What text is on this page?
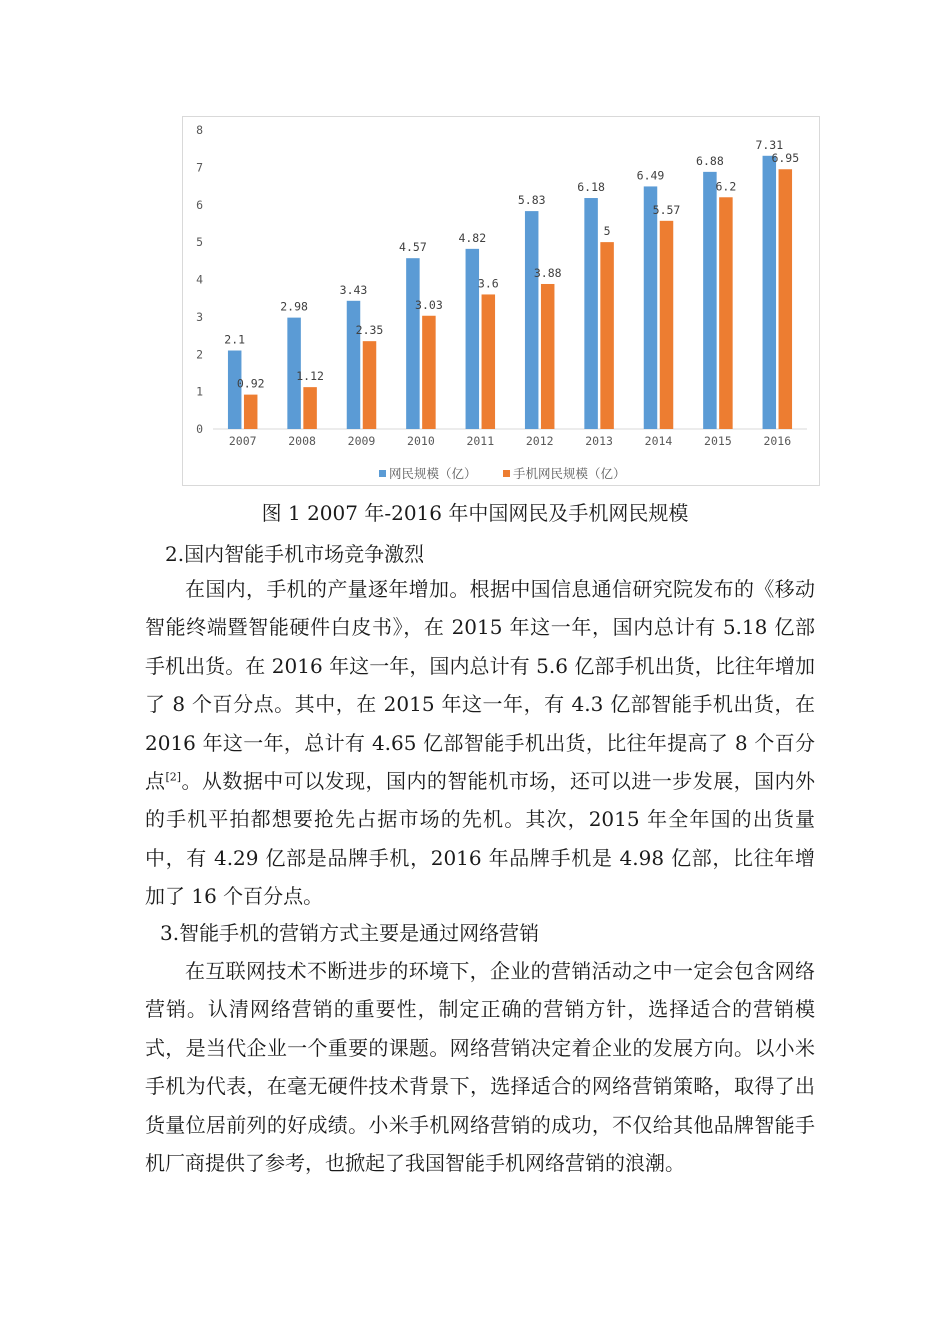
0
1
2
3
4
5
6
7
8
2007	2008	2009	2010	2011	2012	2013	2014	2015	2016
2.1
2.98
3.43
4.57
4.82
5.83
6.18
6.49
6.88
7.31
0.92
1.12
2.35
3.03
3.6
3.88
5
5.57
6.2
6.95
网民规模（亿）	手机网民规模（亿）
图 1 2007 年-2016 年中国网民及手机网民规模
2.国内智能手机市场竞争激烈

在国内，手机的产量逐年增加。根据中国信息通信研究院发布的《移动智能终端暨智能硬件白皮书》，在 2015 年这一年，国内总计有 5.18 亿部手机出货。在 2016 年这一年，国内总计有 5.6 亿部手机出货，比往年增加了 8 个百分点。其中，在 2015 年这一年，有 4.3 亿部智能手机出货，在 2016 年这一年，总计有 4.65 亿部智能手机出货，比往年提高了 8 个百分点[2]。从数据中可以发现，国内的智能机市场，还可以进一步发展，国内外的手机平拍都想要抢先占据市场的先机。其次，2015 年全年国的出货量中，有 4.29 亿部是品牌手机，2016 年品牌手机是 4.98 亿部，比往年增加了 16 个百分点。

3.智能手机的营销方式主要是通过网络营销

在互联网技术不断进步的环境下，企业的营销活动之中一定会包含网络营销。认清网络营销的重要性，制定正确的营销方针，选择适合的营销模式，是当代企业一个重要的课题。网络营销决定着企业的发展方向。以小米手机为代表，在毫无硬件技术背景下，选择适合的网络营销策略，取得了出货量位居前列的好成绩。小米手机网络营销的成功，不仅给其他品牌智能手机厂商提供了参考，也掀起了我国智能手机网络营销的浪潮。
